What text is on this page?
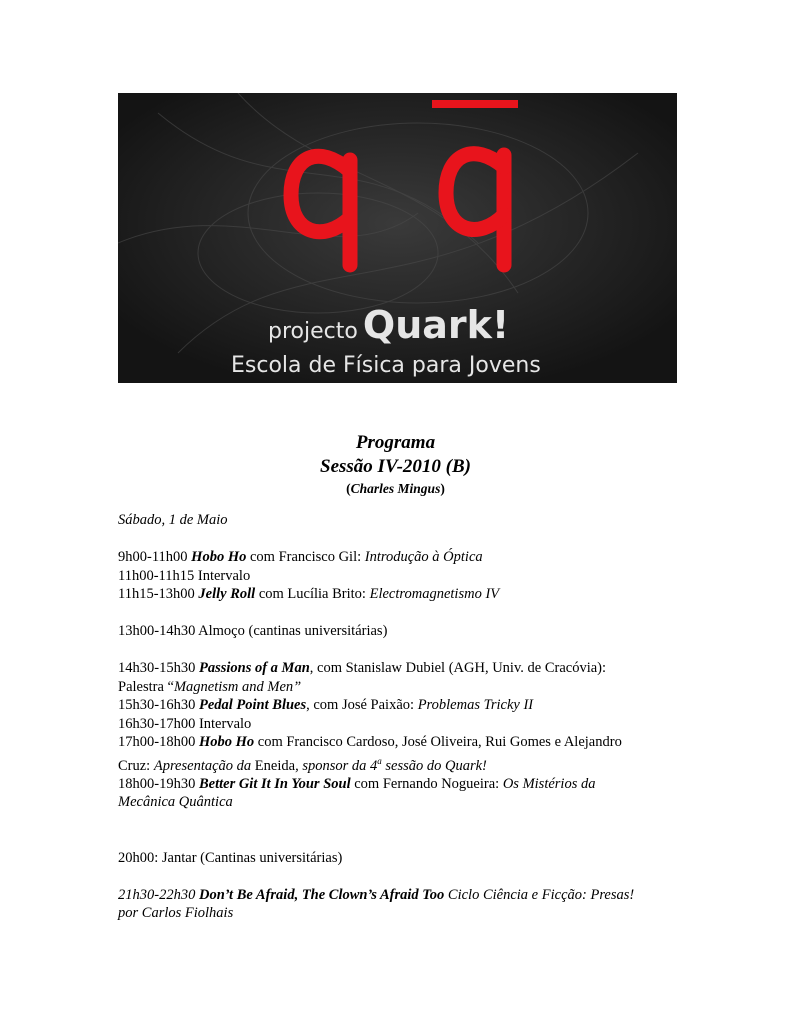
projecto Quark!
Escola de Física para Jovens
Programa
Sessão IV-2010 (B)
(Charles Mingus)

Sábado, 1 de Maio

9h00-11h00 Hobo Ho com Francisco Gil: Introdução à Óptica

11h00-11h15 Intervalo

11h15-13h00 Jelly Roll com Lucília Brito: Electromagnetismo IV

13h00-14h30 Almoço (cantinas universitárias)

14h30-15h30 Passions of a Man, com Stanislaw Dubiel (AGH, Univ. de Cracóvia):

Palestra “Magnetism and Men”

15h30-16h30 Pedal Point Blues, com José Paixão: Problemas Tricky II

16h30-17h00 Intervalo

17h00-18h00 Hobo Ho com Francisco Cardoso, José Oliveira, Rui Gomes e Alejandro

Cruz: Apresentação da Eneida, sponsor da 4$^a$ sessão do Quark!

18h00-19h30 Better Git It In Your Soul com Fernando Nogueira: Os Mistérios da

Mecânica Quântica

20h00: Jantar (Cantinas universitárias)

21h30-22h30 Don’t Be Afraid, The Clown’s Afraid Too Ciclo Ciência e Ficção: Presas!

por Carlos Fiolhais
